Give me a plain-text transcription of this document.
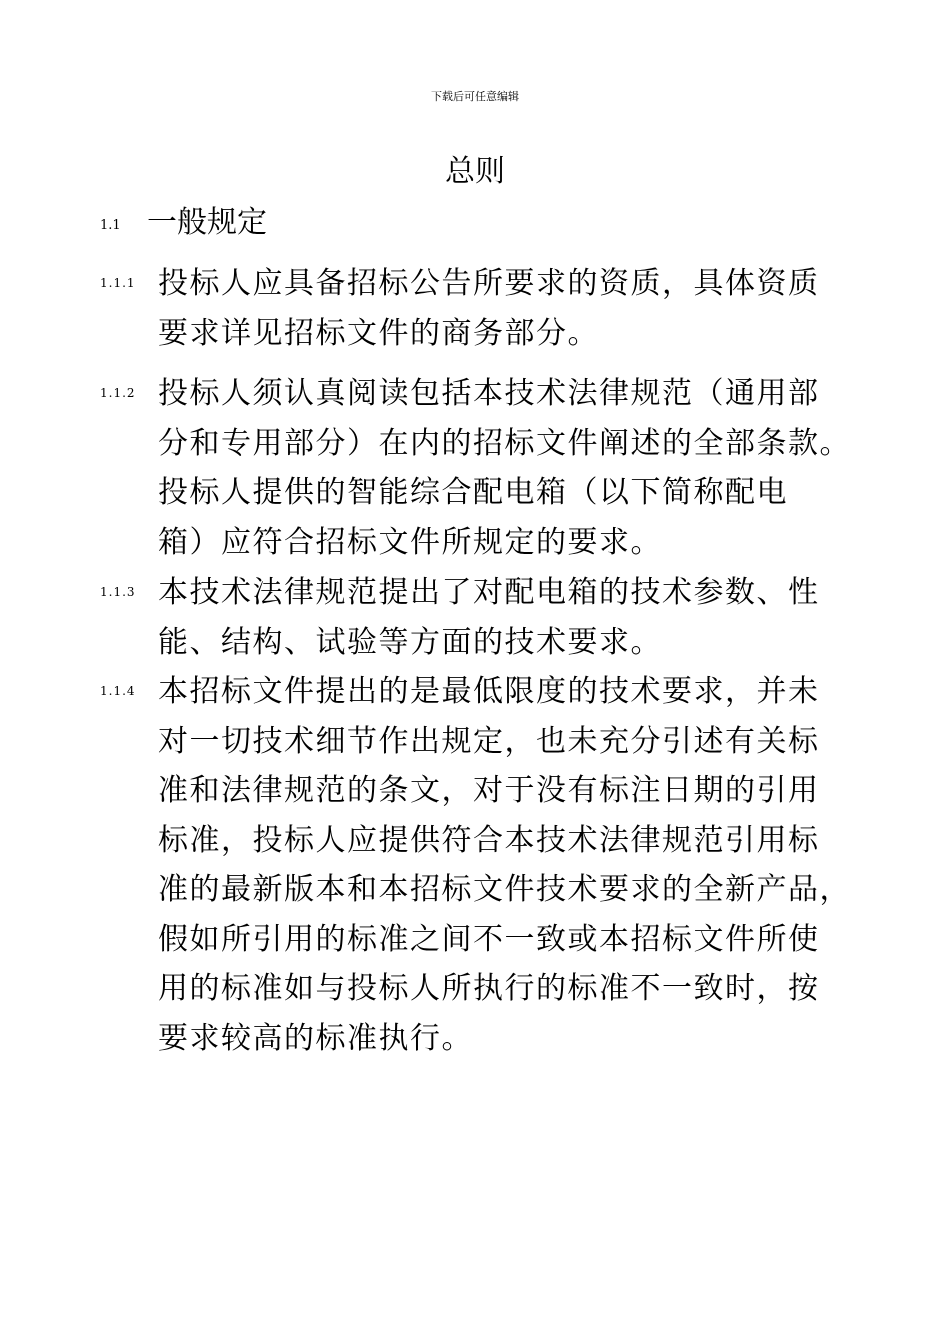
下载后可任意编辑
总则
1.1 一般规定
1.1.1 投标人应具备招标公告所要求的资质，具体资质
要求详见招标文件的商务部分。
1.1.2 投标人须认真阅读包括本技术法律规范（通用部
分和专用部分）在内的招标文件阐述的全部条款。
投标人提供的智能综合配电箱（以下简称配电
箱）应符合招标文件所规定的要求。
1.1.3 本技术法律规范提出了对配电箱的技术参数、性
能、结构、试验等方面的技术要求。
1.1.4 本招标文件提出的是最低限度的技术要求，并未
对一切技术细节作出规定，也未充分引述有关标
准和法律规范的条文，对于没有标注日期的引用
标准，投标人应提供符合本技术法律规范引用标
准的最新版本和本招标文件技术要求的全新产品，
假如所引用的标准之间不一致或本招标文件所使
用的标准如与投标人所执行的标准不一致时，按
要求较高的标准执行。
